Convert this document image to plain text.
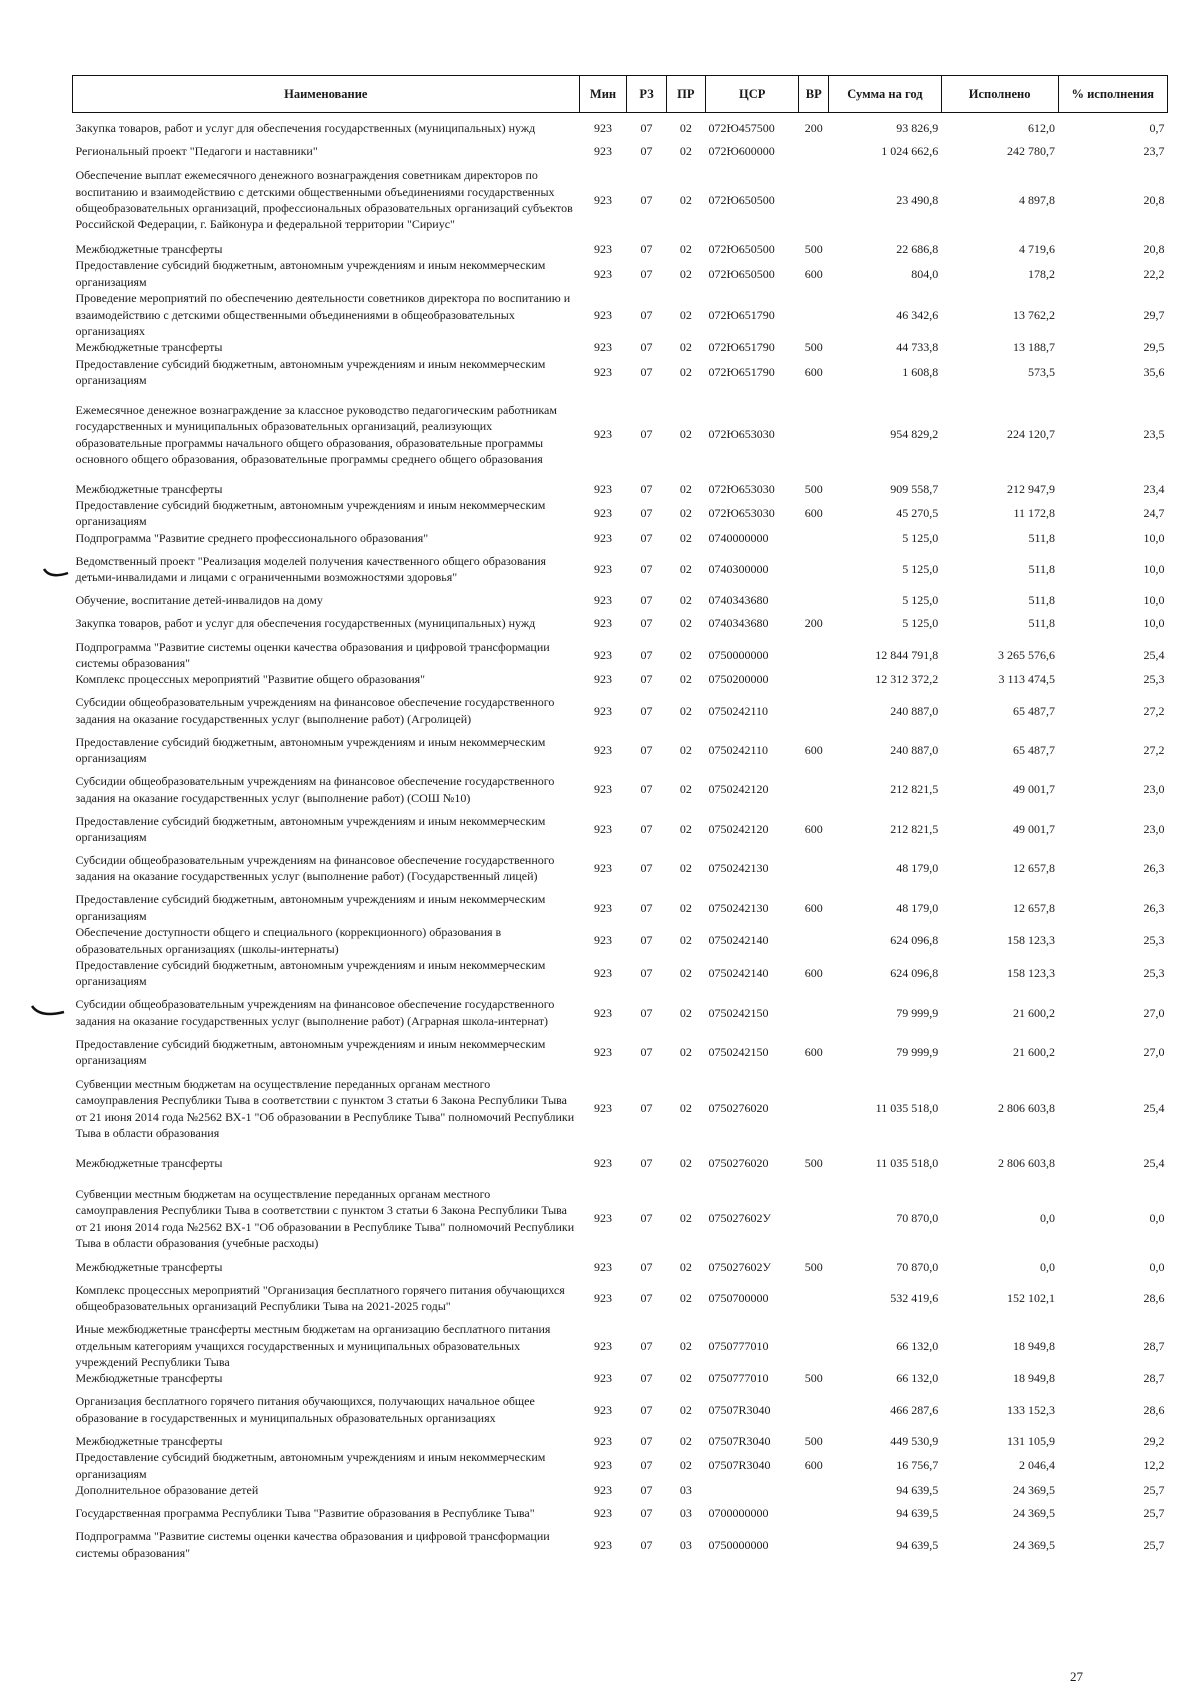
Наименование	Мин	РЗ	ПР	ЦСР	ВР	Сумма на год	Исполнено	% исполнения
Закупка товаров, работ и услуг для обеспечения государственных (муниципальных) нужд	923	07	02	072Ю457500	200	93 826,9	612,0	0,7
Региональный проект "Педагоги и наставники"	923	07	02	072Ю600000		1 024 662,6	242 780,7	23,7
Обеспечение выплат ежемесячного денежного вознаграждения советникам директоров по воспитанию и взаимодействию с детскими общественными объединениями государственных общеобразовательных организаций, профессиональных образовательных организаций субъектов Российской Федерации, г. Байконура и федеральной территории "Сириус"	923	07	02	072Ю650500		23 490,8	4 897,8	20,8
Межбюджетные трансферты	923	07	02	072Ю650500	500	22 686,8	4 719,6	20,8
Предоставление субсидий бюджетным, автономным учреждениям и иным некоммерческим организациям	923	07	02	072Ю650500	600	804,0	178,2	22,2
Проведение мероприятий по обеспечению деятельности советников директора по воспитанию и взаимодействию с детскими общественными объединениями в общеобразовательных организациях	923	07	02	072Ю651790		46 342,6	13 762,2	29,7
Межбюджетные трансферты	923	07	02	072Ю651790	500	44 733,8	13 188,7	29,5
Предоставление субсидий бюджетным, автономным учреждениям и иным некоммерческим организациям	923	07	02	072Ю651790	600	1 608,8	573,5	35,6
Ежемесячное денежное вознаграждение за классное руководство педагогическим работникам государственных и муниципальных образовательных организаций, реализующих образовательные программы начального общего образования, образовательные программы основного общего образования, образовательные программы среднего общего образования	923	07	02	072Ю653030		954 829,2	224 120,7	23,5
Межбюджетные трансферты	923	07	02	072Ю653030	500	909 558,7	212 947,9	23,4
Предоставление субсидий бюджетным, автономным учреждениям и иным некоммерческим организациям	923	07	02	072Ю653030	600	45 270,5	11 172,8	24,7
Подпрограмма "Развитие среднего профессионального образования"	923	07	02	0740000000		5 125,0	511,8	10,0
Ведомственный проект "Реализация моделей получения качественного общего образования детьми-инвалидами и лицами с ограниченными возможностями здоровья"	923	07	02	0740300000		5 125,0	511,8	10,0
Обучение, воспитание детей-инвалидов на дому	923	07	02	0740343680		5 125,0	511,8	10,0
Закупка товаров, работ и услуг для обеспечения государственных (муниципальных) нужд	923	07	02	0740343680	200	5 125,0	511,8	10,0
Подпрограмма "Развитие системы оценки качества образования и цифровой трансформации системы образования"	923	07	02	0750000000		12 844 791,8	3 265 576,6	25,4
Комплекс процессных мероприятий "Развитие общего образования"	923	07	02	0750200000		12 312 372,2	3 113 474,5	25,3
Субсидии общеобразовательным учреждениям на финансовое обеспечение государственного задания на оказание государственных услуг (выполнение работ) (Агролицей)	923	07	02	0750242110		240 887,0	65 487,7	27,2
Предоставление субсидий бюджетным, автономным учреждениям и иным некоммерческим организациям	923	07	02	0750242110	600	240 887,0	65 487,7	27,2
Субсидии общеобразовательным учреждениям на финансовое обеспечение государственного задания на оказание государственных услуг (выполнение работ) (СОШ №10)	923	07	02	0750242120		212 821,5	49 001,7	23,0
Предоставление субсидий бюджетным, автономным учреждениям и иным некоммерческим организациям	923	07	02	0750242120	600	212 821,5	49 001,7	23,0
Субсидии общеобразовательным учреждениям на финансовое обеспечение государственного задания на оказание государственных услуг (выполнение работ) (Государственный лицей)	923	07	02	0750242130		48 179,0	12 657,8	26,3
Предоставление субсидий бюджетным, автономным учреждениям и иным некоммерческим организациям	923	07	02	0750242130	600	48 179,0	12 657,8	26,3
Обеспечение доступности общего и специального (коррекционного) образования в образовательных организациях (школы-интернаты)	923	07	02	0750242140		624 096,8	158 123,3	25,3
Предоставление субсидий бюджетным, автономным учреждениям и иным некоммерческим организациям	923	07	02	0750242140	600	624 096,8	158 123,3	25,3
Субсидии общеобразовательным учреждениям на финансовое обеспечение государственного задания на оказание государственных услуг (выполнение работ) (Аграрная школа-интернат)	923	07	02	0750242150		79 999,9	21 600,2	27,0
Предоставление субсидий бюджетным, автономным учреждениям и иным некоммерческим организациям	923	07	02	0750242150	600	79 999,9	21 600,2	27,0
Субвенции местным бюджетам на осуществление переданных органам местного самоуправления Республики Тыва в соответствии с пунктом 3 статьи 6 Закона Республики Тыва от 21 июня 2014 года №2562 ВХ-1 "Об образовании в Республике Тыва" полномочий Республики Тыва в области образования	923	07	02	0750276020		11 035 518,0	2 806 603,8	25,4
Межбюджетные трансферты	923	07	02	0750276020	500	11 035 518,0	2 806 603,8	25,4
Субвенции местным бюджетам на осуществление переданных органам местного самоуправления Республики Тыва в соответствии с пунктом 3 статьи 6 Закона Республики Тыва от 21 июня 2014 года №2562 ВХ-1 "Об образовании в Республике Тыва" полномочий Республики Тыва в области образования (учебные расходы)	923	07	02	075027602У		70 870,0	0,0	0,0
Межбюджетные трансферты	923	07	02	075027602У	500	70 870,0	0,0	0,0
Комплекс процессных мероприятий "Организация бесплатного горячего питания обучающихся общеобразовательных организаций Республики Тыва на 2021-2025 годы"	923	07	02	0750700000		532 419,6	152 102,1	28,6
Иные межбюджетные трансферты местным бюджетам на организацию бесплатного питания отдельным категориям учащихся государственных и муниципальных образовательных учреждений Республики Тыва	923	07	02	0750777010		66 132,0	18 949,8	28,7
Межбюджетные трансферты	923	07	02	0750777010	500	66 132,0	18 949,8	28,7
Организация бесплатного горячего питания обучающихся, получающих начальное общее образование в государственных и муниципальных образовательных организациях	923	07	02	07507R3040		466 287,6	133 152,3	28,6
Межбюджетные трансферты	923	07	02	07507R3040	500	449 530,9	131 105,9	29,2
Предоставление субсидий бюджетным, автономным учреждениям и иным некоммерческим организациям	923	07	02	07507R3040	600	16 756,7	2 046,4	12,2
Дополнительное образование детей	923	07	03			94 639,5	24 369,5	25,7
Государственная программа Республики Тыва "Развитие образования в Республике Тыва"	923	07	03	0700000000		94 639,5	24 369,5	25,7
Подпрограмма "Развитие системы оценки качества образования и цифровой трансформации системы образования"	923	07	03	0750000000		94 639,5	24 369,5	25,7
27
